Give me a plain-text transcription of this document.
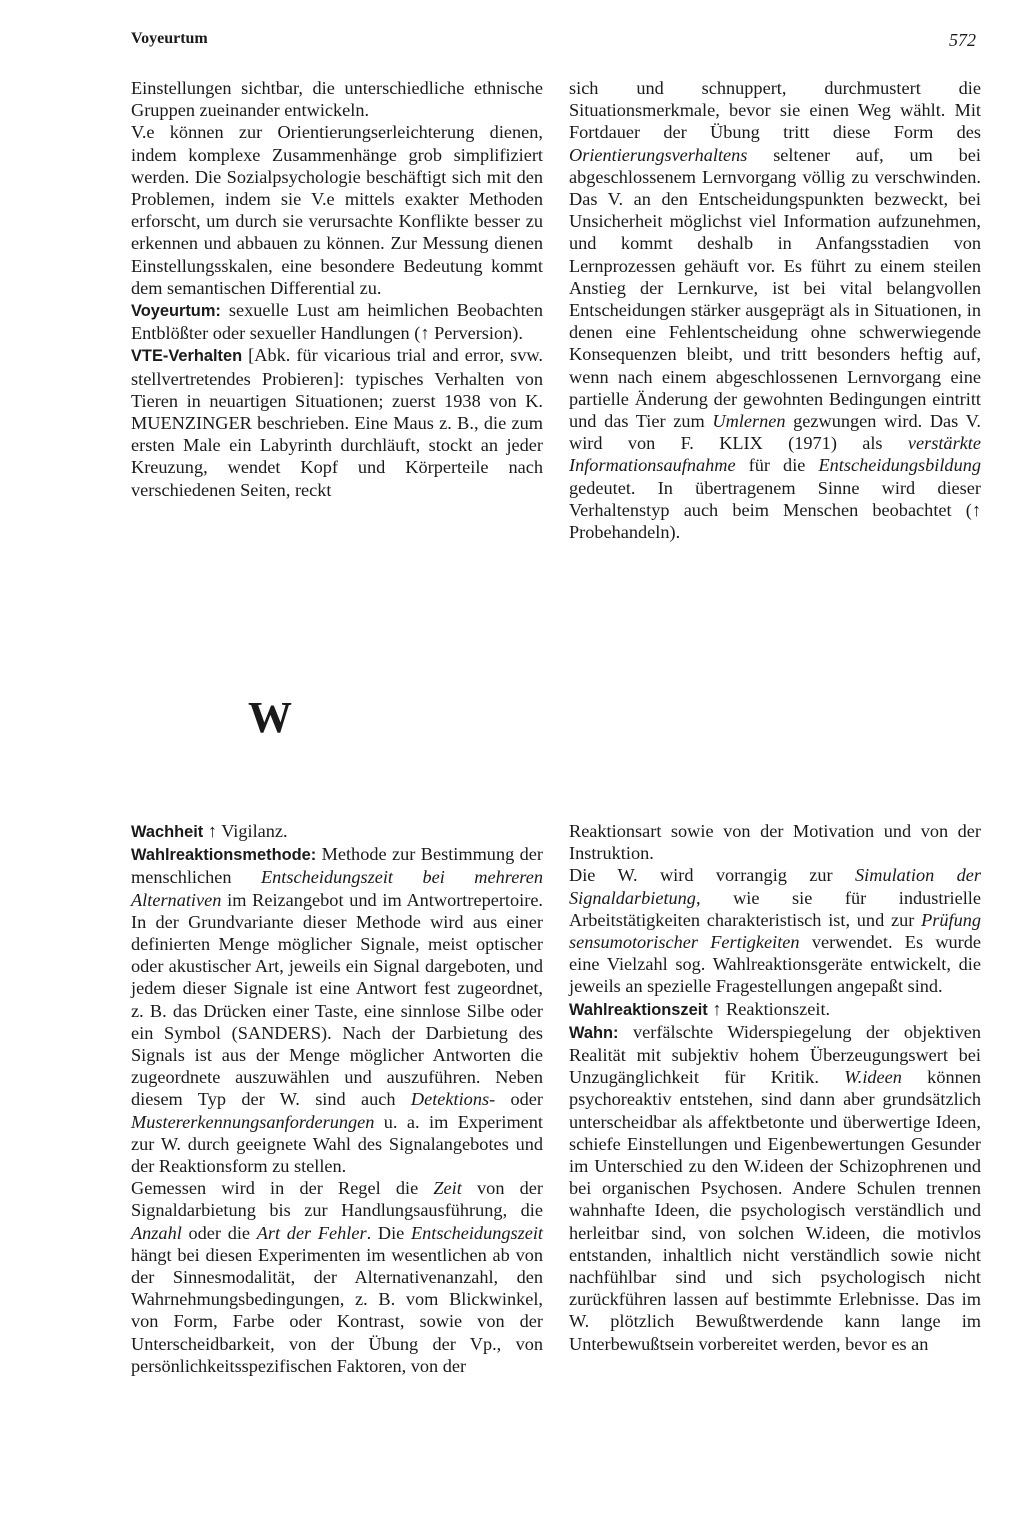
Voyeurtum	572

Einstellungen sichtbar, die unterschiedliche ethnische Gruppen zueinander entwickeln.

V.e können zur Orientierungserleichterung dienen, indem komplexe Zusammenhänge grob simplifiziert werden. Die Sozialpsychologie beschäftigt sich mit den Problemen, indem sie V.e mittels exakter Methoden erforscht, um durch sie verursachte Konflikte besser zu erkennen und abbauen zu können. Zur Messung dienen Einstellungsskalen, eine besondere Bedeutung kommt dem semantischen Differential zu.

Voyeurtum: sexuelle Lust am heimlichen Beobachten Entblößter oder sexueller Handlungen (↑ Perversion).

VTE-Verhalten [Abk. für vicarious trial and error, svw. stellvertretendes Probieren]: typisches Verhalten von Tieren in neuartigen Situationen; zuerst 1938 von K. MUENZINGER beschrieben. Eine Maus z. B., die zum ersten Male ein Labyrinth durchläuft, stockt an jeder Kreuzung, wendet Kopf und Körperteile nach verschiedenen Seiten, reckt

sich und schnuppert, durchmustert die Situationsmerkmale, bevor sie einen Weg wählt. Mit Fortdauer der Übung tritt diese Form des Orientierungsverhaltens seltener auf, um bei abgeschlossenem Lernvorgang völlig zu verschwinden. Das V. an den Entscheidungspunkten bezweckt, bei Unsicherheit möglichst viel Information aufzunehmen, und kommt deshalb in Anfangsstadien von Lernprozessen gehäuft vor. Es führt zu einem steilen Anstieg der Lernkurve, ist bei vital belangvollen Entscheidungen stärker ausgeprägt als in Situationen, in denen eine Fehlentscheidung ohne schwerwiegende Konsequenzen bleibt, und tritt besonders heftig auf, wenn nach einem abgeschlossenen Lernvorgang eine partielle Änderung der gewohnten Bedingungen eintritt und das Tier zum Umlernen gezwungen wird. Das V. wird von F. KLIX (1971) als verstärkte Informationsaufnahme für die Entscheidungsbildung gedeutet. In übertragenem Sinne wird dieser Verhaltenstyp auch beim Menschen beobachtet (↑ Probehandeln).

W

Wachheit ↑ Vigilanz.

Wahlreaktionsmethode: Methode zur Bestimmung der menschlichen Entscheidungszeit bei mehreren Alternativen im Reizangebot und im Antwortrepertoire. In der Grundvariante dieser Methode wird aus einer definierten Menge möglicher Signale, meist optischer oder akustischer Art, jeweils ein Signal dargeboten, und jedem dieser Signale ist eine Antwort fest zugeordnet, z. B. das Drücken einer Taste, eine sinnlose Silbe oder ein Symbol (SANDERS). Nach der Darbietung des Signals ist aus der Menge möglicher Antworten die zugeordnete auszuwählen und auszuführen. Neben diesem Typ der W. sind auch Detektions- oder Mustererkennungsanforderungen u. a. im Experiment zur W. durch geeignete Wahl des Signalangebotes und der Reaktionsform zu stellen.

Gemessen wird in der Regel die Zeit von der Signaldarbietung bis zur Handlungsausführung, die Anzahl oder die Art der Fehler. Die Entscheidungszeit hängt bei diesen Experimenten im wesentlichen ab von der Sinnesmodalität, der Alternativenanzahl, den Wahrnehmungsbedingungen, z. B. vom Blickwinkel, von Form, Farbe oder Kontrast, sowie von der Unterscheidbarkeit, von der Übung der Vp., von persönlichkeitsspezifischen Faktoren, von der

Reaktionsart sowie von der Motivation und von der Instruktion.

Die W. wird vorrangig zur Simulation der Signaldarbietung, wie sie für industrielle Arbeitstätigkeiten charakteristisch ist, und zur Prüfung sensumotorischer Fertigkeiten verwendet. Es wurde eine Vielzahl sog. Wahlreaktionsgeräte entwickelt, die jeweils an spezielle Fragestellungen angepaßt sind.

Wahlreaktionszeit ↑ Reaktionszeit.

Wahn: verfälschte Widerspiegelung der objektiven Realität mit subjektiv hohem Überzeugungswert bei Unzugänglichkeit für Kritik. W.ideen können psychoreaktiv entstehen, sind dann aber grundsätzlich unterscheidbar als affektbetonte und überwertige Ideen, schiefe Einstellungen und Eigenbewertungen Gesunder im Unterschied zu den W.ideen der Schizophrenen und bei organischen Psychosen. Andere Schulen trennen wahnhafte Ideen, die psychologisch verständlich und herleitbar sind, von solchen W.ideen, die motivlos entstanden, inhaltlich nicht verständlich sowie nicht nachfühlbar sind und sich psychologisch nicht zurückführen lassen auf bestimmte Erlebnisse. Das im W. plötzlich Bewußtwerdende kann lange im Unterbewußtsein vorbereitet werden, bevor es an
